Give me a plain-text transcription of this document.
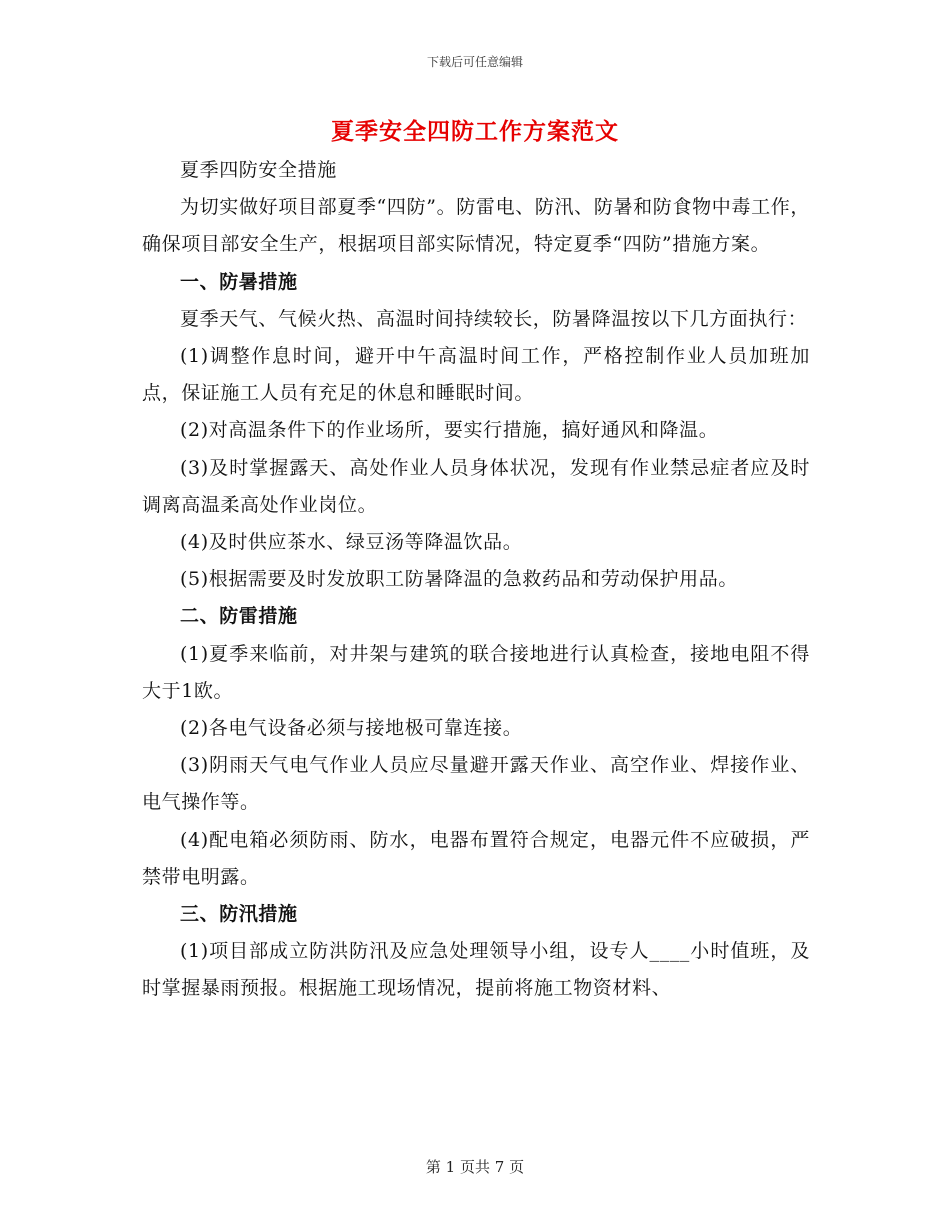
下载后可任意编辑
夏季安全四防工作方案范文

夏季四防安全措施

为切实做好项目部夏季“四防”。防雷电、防汛、防暑和防食物中毒工作，确保项目部安全生产，根据项目部实际情况，特定夏季“四防”措施方案。

一、防暑措施

夏季天气、气候火热、高温时间持续较长，防暑降温按以下几方面执行：

(1)调整作息时间，避开中午高温时间工作，严格控制作业人员加班加点，保证施工人员有充足的休息和睡眠时间。

(2)对高温条件下的作业场所，要实行措施，搞好通风和降温。

(3)及时掌握露天、高处作业人员身体状况，发现有作业禁忌症者应及时调离高温柔高处作业岗位。

(4)及时供应茶水、绿豆汤等降温饮品。

(5)根据需要及时发放职工防暑降温的急救药品和劳动保护用品。

二、防雷措施

(1)夏季来临前，对井架与建筑的联合接地进行认真检查，接地电阻不得大于1欧。

(2)各电气设备必须与接地极可靠连接。

(3)阴雨天气电气作业人员应尽量避开露天作业、高空作业、焊接作业、电气操作等。

(4)配电箱必须防雨、防水，电器布置符合规定，电器元件不应破损，严禁带电明露。

三、防汛措施

(1)项目部成立防洪防汛及应急处理领导小组，设专人____小时值班，及时掌握暴雨预报。根据施工现场情况，提前将施工物资材料、

第 1 页共 7 页
